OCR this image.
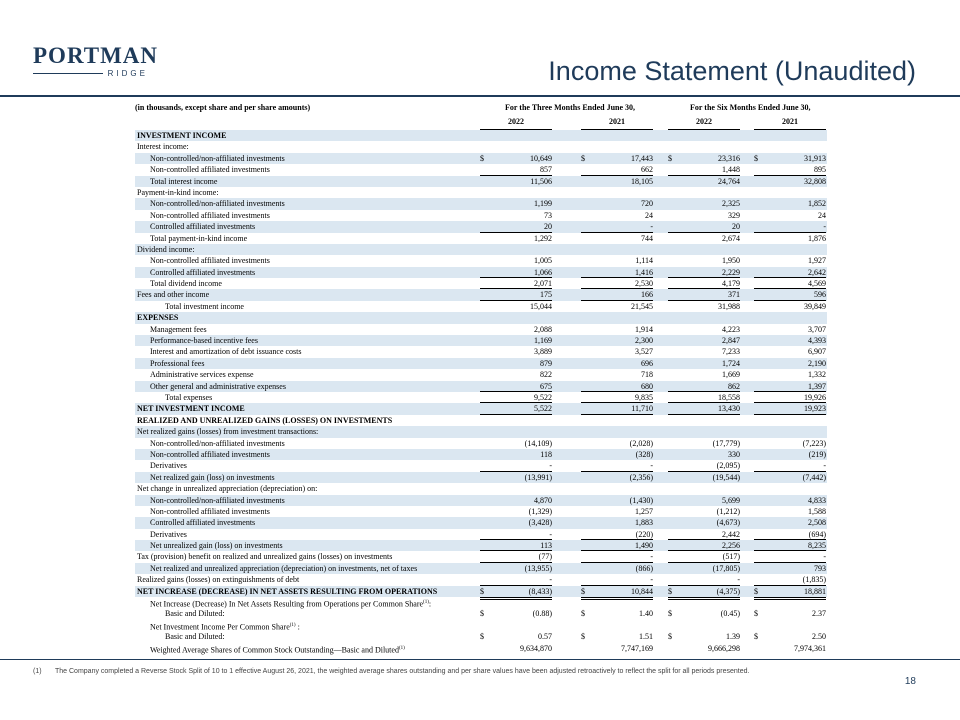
PORTMAN
RIDGE	Income Statement (Unaudited)
(in thousands, except share and per share amounts)	For the Three Months Ended June 30,	For the Six Months Ended June 30,
2022	2021	2022	2021
INVESTMENT INCOME
Interest income:
Non-controlled/non-affiliated investments	$	10,649	$	17,443 $	23,316 $	31,913
Non-controlled affiliated investments	857	662	1,448	895
Total interest income	11,506	18,105	24,764	32,808
Payment-in-kind income:
Non-controlled/non-affiliated investments	1,199	720	2,325	1,852
Non-controlled affiliated investments	73	24	329	24
Controlled affiliated investments	20	-	20	-
Total payment-in-kind income	1,292	744	2,674	1,876
Dividend income:
Non-controlled affiliated investments	1,005	1,114	1,950	1,927
Controlled affiliated investments	1,066	1,416	2,229	2,642
Total dividend income	2,071	2,530	4,179	4,569
Fees and other income	175	166	371	596
Total investment income	15,044	21,545	31,988	39,849
EXPENSES
Management fees	2,088	1,914	4,223	3,707
Performance-based incentive fees	1,169	2,300	2,847	4,393
Interest and amortization of debt issuance costs	3,889	3,527	7,233	6,907
Professional fees	879	696	1,724	2,190
Administrative services expense	822	718	1,669	1,332
Other general and administrative expenses	675	680	862	1,397
Total expenses	9,522	9,835	18,558	19,926
NET INVESTMENT INCOME	5,522	11,710	13,430	19,923
REALIZED AND UNREALIZED GAINS (LOSSES) ON INVESTMENTS
Net realized gains (losses) from investment transactions:
Non-controlled/non-affiliated investments	(14,109)	(2,028)	(17,779)	(7,223)
Non-controlled affiliated investments	118	(328)	330	(219)
Derivatives	-	-	(2,095)	-
Net realized gain (loss) on investments	(13,991)	(2,356)	(19,544)	(7,442)
Net change in unrealized appreciation (depreciation) on:
Non-controlled/non-affiliated investments	4,870	(1,430)	5,699	4,833
Non-controlled affiliated investments	(1,329)	1,257	(1,212)	1,588
Controlled affiliated investments	(3,428)	1,883	(4,673)	2,508
Derivatives	-	(220)	2,442	(694)
Net unrealized gain (loss) on investments	113	1,490	2,256	8,235
Tax (provision) benefit on realized and unrealized gains (losses) on investments	(77)	-	(517)	-
Net realized and unrealized appreciation (depreciation) on investments, net of taxes	(13,955)	(866)	(17,805)	793
Realized gains (losses) on extinguishments of debt	-	-	-	(1,835)
NET INCREASE (DECREASE) IN NET ASSETS RESULTING FROM OPERATIONS	$	(8,433)	$	10,844 $	(4,375) $	18,881
Net Increase (Decrease) In Net Assets Resulting from Operations per Common Share$^{(1)}$:
Basic and Diluted:	$	(0.88)	$	1.40 $	(0.45) $	2.37
Net Investment Income Per Common Share$^{(1)}$ :
Basic and Diluted:	$	0.57	$	1.51 $	1.39 $	2.50
Weighted Average Shares of Common Stock Outstanding—Basic and Diluted$^{(1)}$	9,634,870	7,747,169	9,666,298	7,974,361
(1) The Company completed a Reverse Stock Split of 10 to 1 effective August 26, 2021, the weighted average shares outstanding and per share values have been adjusted retroactively to reflect the split for all periods presented.
18
